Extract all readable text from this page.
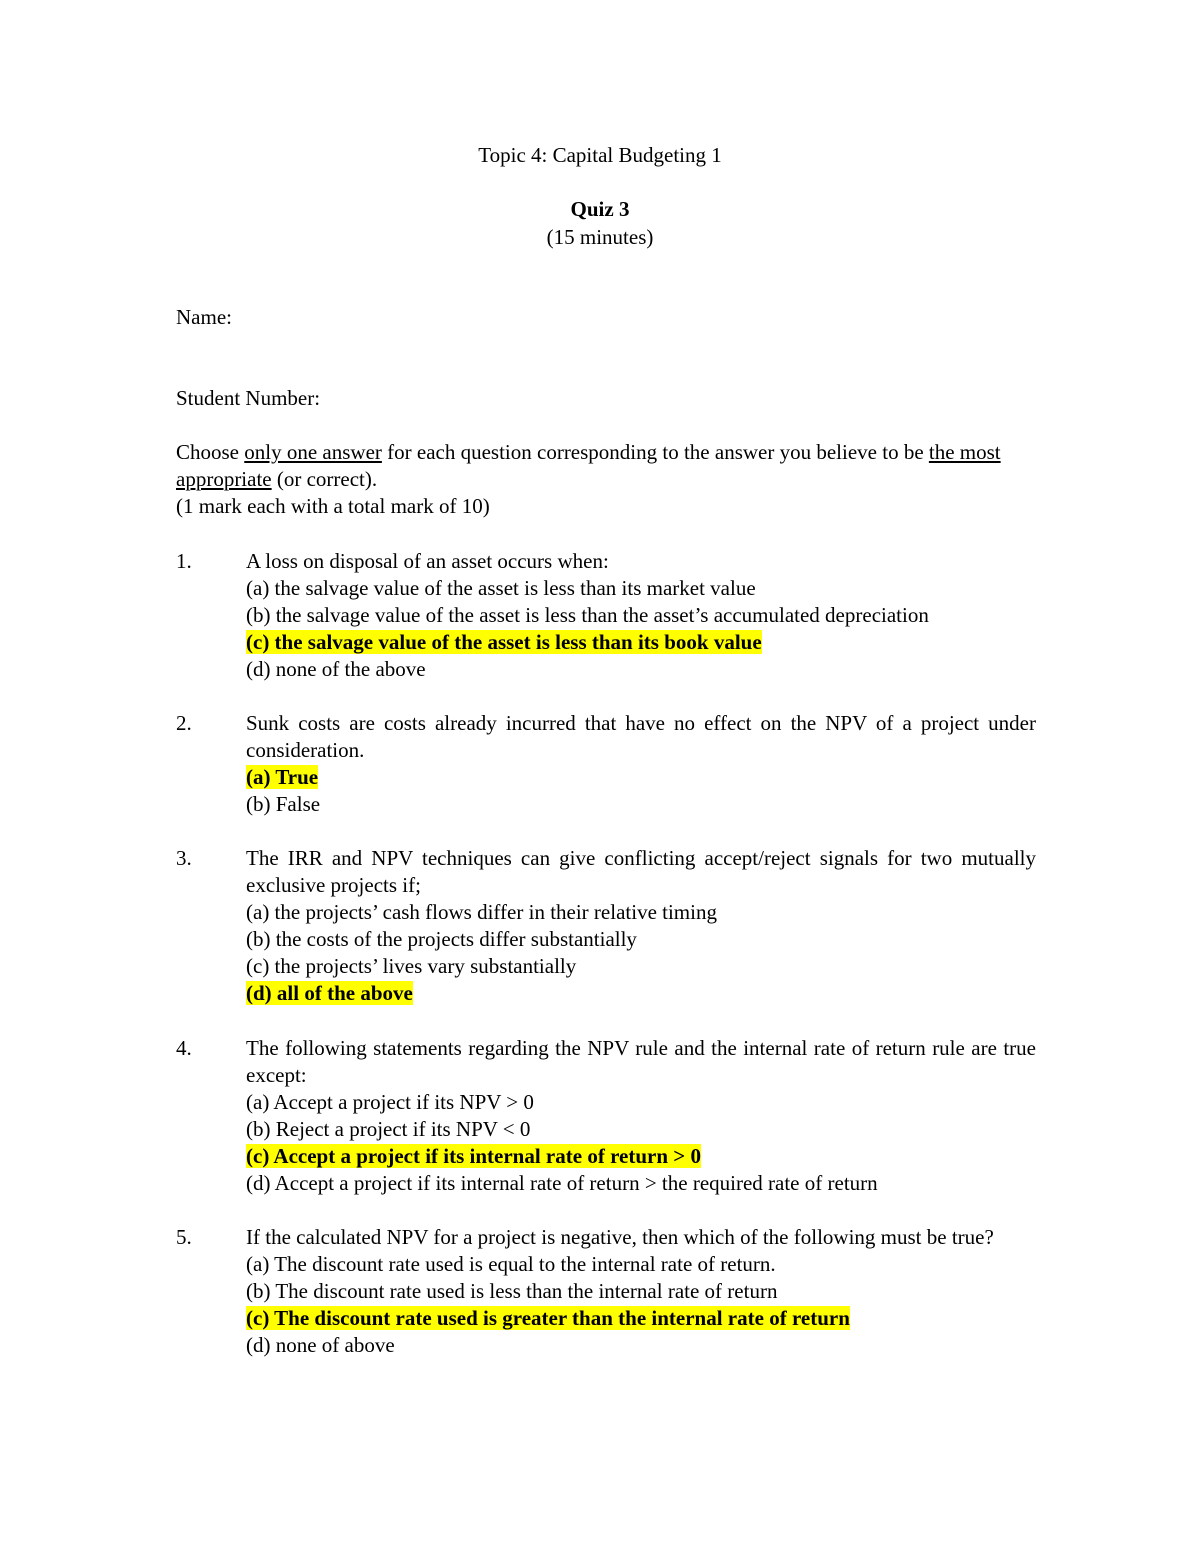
Topic 4: Capital Budgeting 1
Quiz 3
(15 minutes)
Name:
Student Number:
Choose only one answer for each question corresponding to the answer you believe to be the most appropriate (or correct).
(1 mark each with a total mark of 10)
1.	A loss on disposal of an asset occurs when:
(a) the salvage value of the asset is less than its market value
(b) the salvage value of the asset is less than the asset’s accumulated depreciation
(c) the salvage value of the asset is less than its book value
(d) none of the above
2.	Sunk costs are costs already incurred that have no effect on the NPV of a project under consideration.
(a) True
(b) False
3.	The IRR and NPV techniques can give conflicting accept/reject signals for two mutually exclusive projects if;
(a) the projects’ cash flows differ in their relative timing
(b) the costs of the projects differ substantially
(c) the projects’ lives vary substantially
(d) all of the above
4.	The following statements regarding the NPV rule and the internal rate of return rule are true except:
(a) Accept a project if its NPV > 0
(b) Reject a project if its NPV < 0
(c) Accept a project if its internal rate of return > 0
(d) Accept a project if its internal rate of return > the required rate of return
5.	If the calculated NPV for a project is negative, then which of the following must be true?
(a) The discount rate used is equal to the internal rate of return.
(b) The discount rate used is less than the internal rate of return
(c) The discount rate used is greater than the internal rate of return
(d) none of above
